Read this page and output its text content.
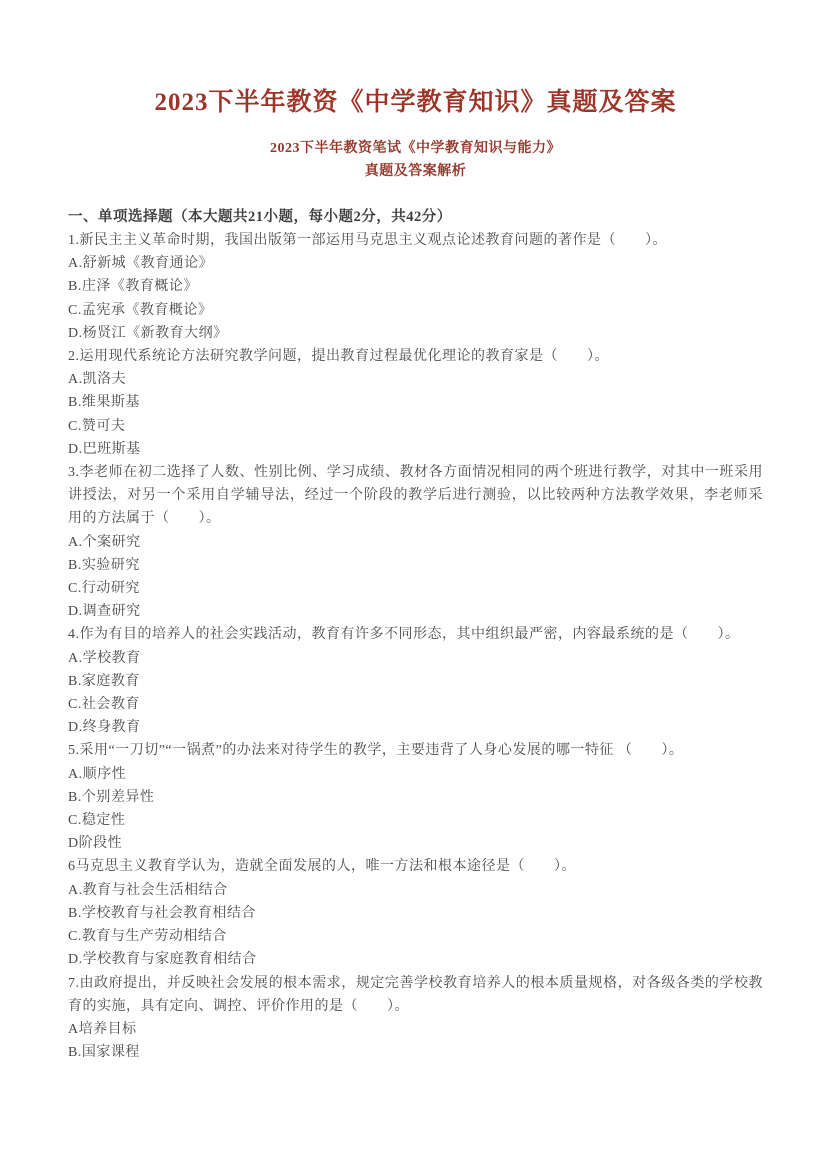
2023下半年教资《中学教育知识》真题及答案

2023下半年教资笔试《中学教育知识与能力》

真题及答案解析

一、单项选择题（本大题共21小题，每小题2分，共42分）

1.新民主主义革命时期，我国出版第一部运用马克思主义观点论述教育问题的著作是（　　）。

A.舒新城《教育通论》

B.庄泽《教育概论》

C.孟宪承《教育概论》

D.杨贤江《新教育大纲》

2.运用现代系统论方法研究教学问题，提出教育过程最优化理论的教育家是（　　）。

A.凯洛夫

B.维果斯基

C.赞可夫

D.巴班斯基

3.李老师在初二选择了人数、性别比例、学习成绩、教材各方面情况相同的两个班进行教学，对其中一班采用讲授法，对另一个采用自学辅导法，经过一个阶段的教学后进行测验，以比较两种方法教学效果，李老师采用的方法属于（　　）。

A.个案研究

B.实验研究

C.行动研究

D.调查研究

4.作为有目的培养人的社会实践活动，教育有许多不同形态，其中组织最严密，内容最系统的是（　　）。

A.学校教育

B.家庭教育

C.社会教育

D.终身教育

5.采用“一刀切”“一锅煮”的办法来对待学生的教学，主要违背了人身心发展的哪一特征 （　　）。

A.顺序性

B.个别差异性

C.稳定性

D阶段性

6马克思主义教育学认为，造就全面发展的人，唯一方法和根本途径是（　　）。

A.教育与社会生活相结合

B.学校教育与社会教育相结合

C.教育与生产劳动相结合

D.学校教育与家庭教育相结合

7.由政府提出，并反映社会发展的根本需求，规定完善学校教育培养人的根本质量规格，对各级各类的学校教育的实施，具有定向、调控、评价作用的是（　　）。

A培养目标

B.国家课程
